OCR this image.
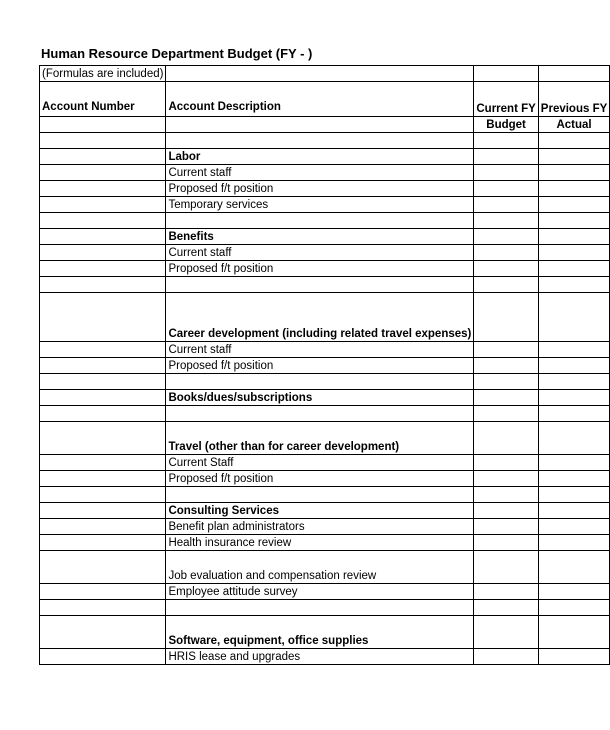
Human Resource Department Budget (FY - )
(Formulas are included)			
Account Number	Account Description	Current FY	Previous FY
		Budget	Actual

	Labor		
	Current staff		
	Proposed f/t position		
	Temporary services		

	Benefits		
	Current staff		
	Proposed f/t position		

	Career development (including related travel expenses)		
	Current staff		
	Proposed f/t position		

	Books/dues/subscriptions		

	Travel (other than for career development)		
	Current Staff		
	Proposed f/t position		

	Consulting Services		
	Benefit plan administrators		
	Health insurance review		
	Job evaluation and compensation review		
	Employee attitude survey		

	Software, equipment, office supplies		
	HRIS lease and upgrades		
